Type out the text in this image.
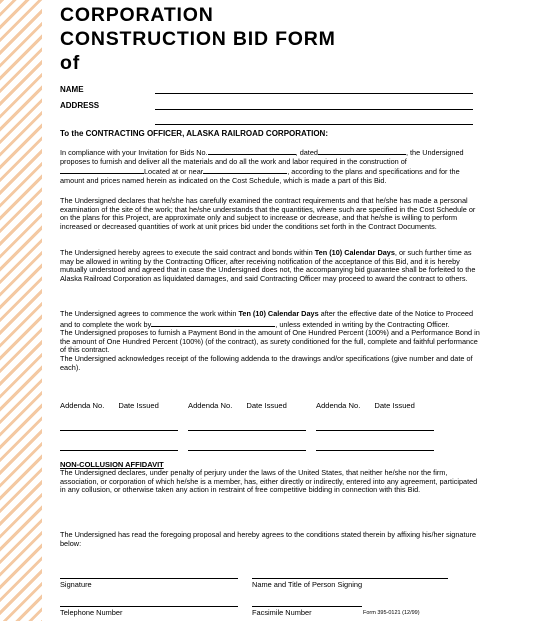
CORPORATION
CONSTRUCTION BID FORM
of
NAME
ADDRESS
To the CONTRACTING OFFICER, ALASKA RAILROAD CORPORATION:
In compliance with your Invitation for Bids No.	, dated	, the Undersigned proposes to furnish and deliver all the materials and do all the work and labor required in the construction ofLocated at or near	, according to the plans and specifications and for the amount and prices named herein as indicated on the Cost Schedule, which is made a part of this Bid.

The Undersigned declares that he/she has carefully examined the contract requirements and that he/she has made a personal examination of the site of the work; that he/she understands that the quantities, where such are specified in the Cost Schedule or on the plans for this Project, are approximate only and subject to increase or decrease, and that he/she is willing to perform increased or decreased quantities of work at unit prices bid under the conditions set forth in the Contract Documents.

The Undersigned hereby agrees to execute the said contract and bonds within Ten (10) Calendar Days, or such further time as may be allowed in writing by the Contracting Officer, after receiving notification of the acceptance of this Bid, and it is hereby mutually understood and agreed that in case the Undersigned does not, the accompanying bid guarantee shall be forfeited to the Alaska Railroad Corporation as liquidated damages, and said Contracting Officer may proceed to award the contract to others.
The Undersigned agrees to commence the work within Ten (10) Calendar Days after the effective date of the Notice to Proceed and to complete the work by	, unless extended in writing by the Contracting Officer.
The Undersigned proposes to furnish a Payment Bond in the amount of One Hundred Percent (100%) and a Performance Bond in the amount of One Hundred Percent (100%) (of the contract), as surety conditioned for the full, complete and faithful performance of this contract.
The Undersigned acknowledges receipt of the following addenda to the drawings and/or specifications (give number and date of each).
Addenda No. Date Issued	Addenda No. Date Issued	Addenda No. Date Issued
NON-COLLUSION AFFIDAVIT

The Undersigned declares, under penalty of perjury under the laws of the United States, that neither he/she nor the firm, association, or corporation of which he/she is a member, has, either directly or indirectly, entered into any agreement, participated in any collusion, or otherwise taken any action in restraint of free competitive bidding in connection with this Bid.

The Undersigned has read the foregoing proposal and hereby agrees to the conditions stated therein by affixing his/her signature below:

Signature	Name and Title of Person Signing
Telephone Number	Facsimile Number	Form 395-0121 (12/99)
